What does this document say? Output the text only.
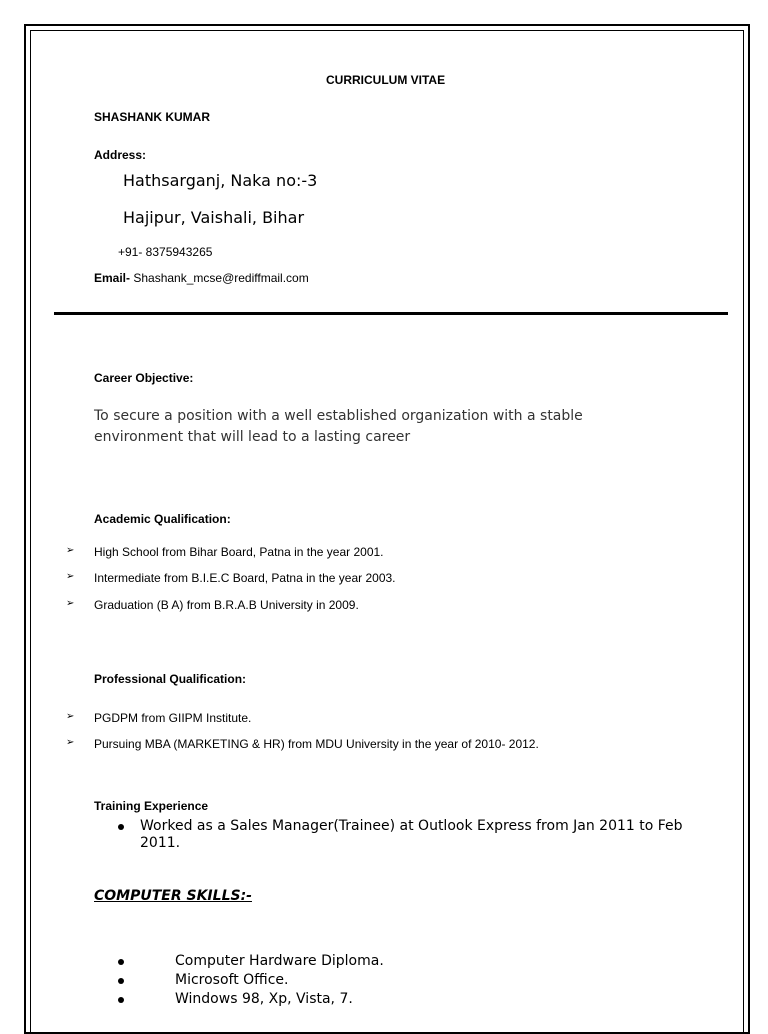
CURRICULUM VITAE
SHASHANK KUMAR
Address:
Hathsarganj, Naka no:-3
Hajipur, Vaishali, Bihar
+91- 8375943265
Email- Shashank_mcse@rediffmail.com
Career Objective:
To secure a position with a well established organization with a stable
environment that will lead to a lasting career
Academic Qualification:
➢ High School from Bihar Board, Patna in the year 2001.
➢ Intermediate from B.I.E.C Board, Patna in the year 2003.
➢ Graduation (B A) from B.R.A.B University in 2009.
Professional Qualification:
➢ PGDPM from GIIPM Institute.
➢ Pursuing MBA (MARKETING & HR) from MDU University in the year of 2010- 2012.
Training Experience
Worked as a Sales Manager(Trainee) at Outlook Express from Jan 2011 to Feb
2011.
COMPUTER SKILLS:-
Computer Hardware Diploma.
Microsoft Office.
Windows 98, Xp, Vista, 7.
